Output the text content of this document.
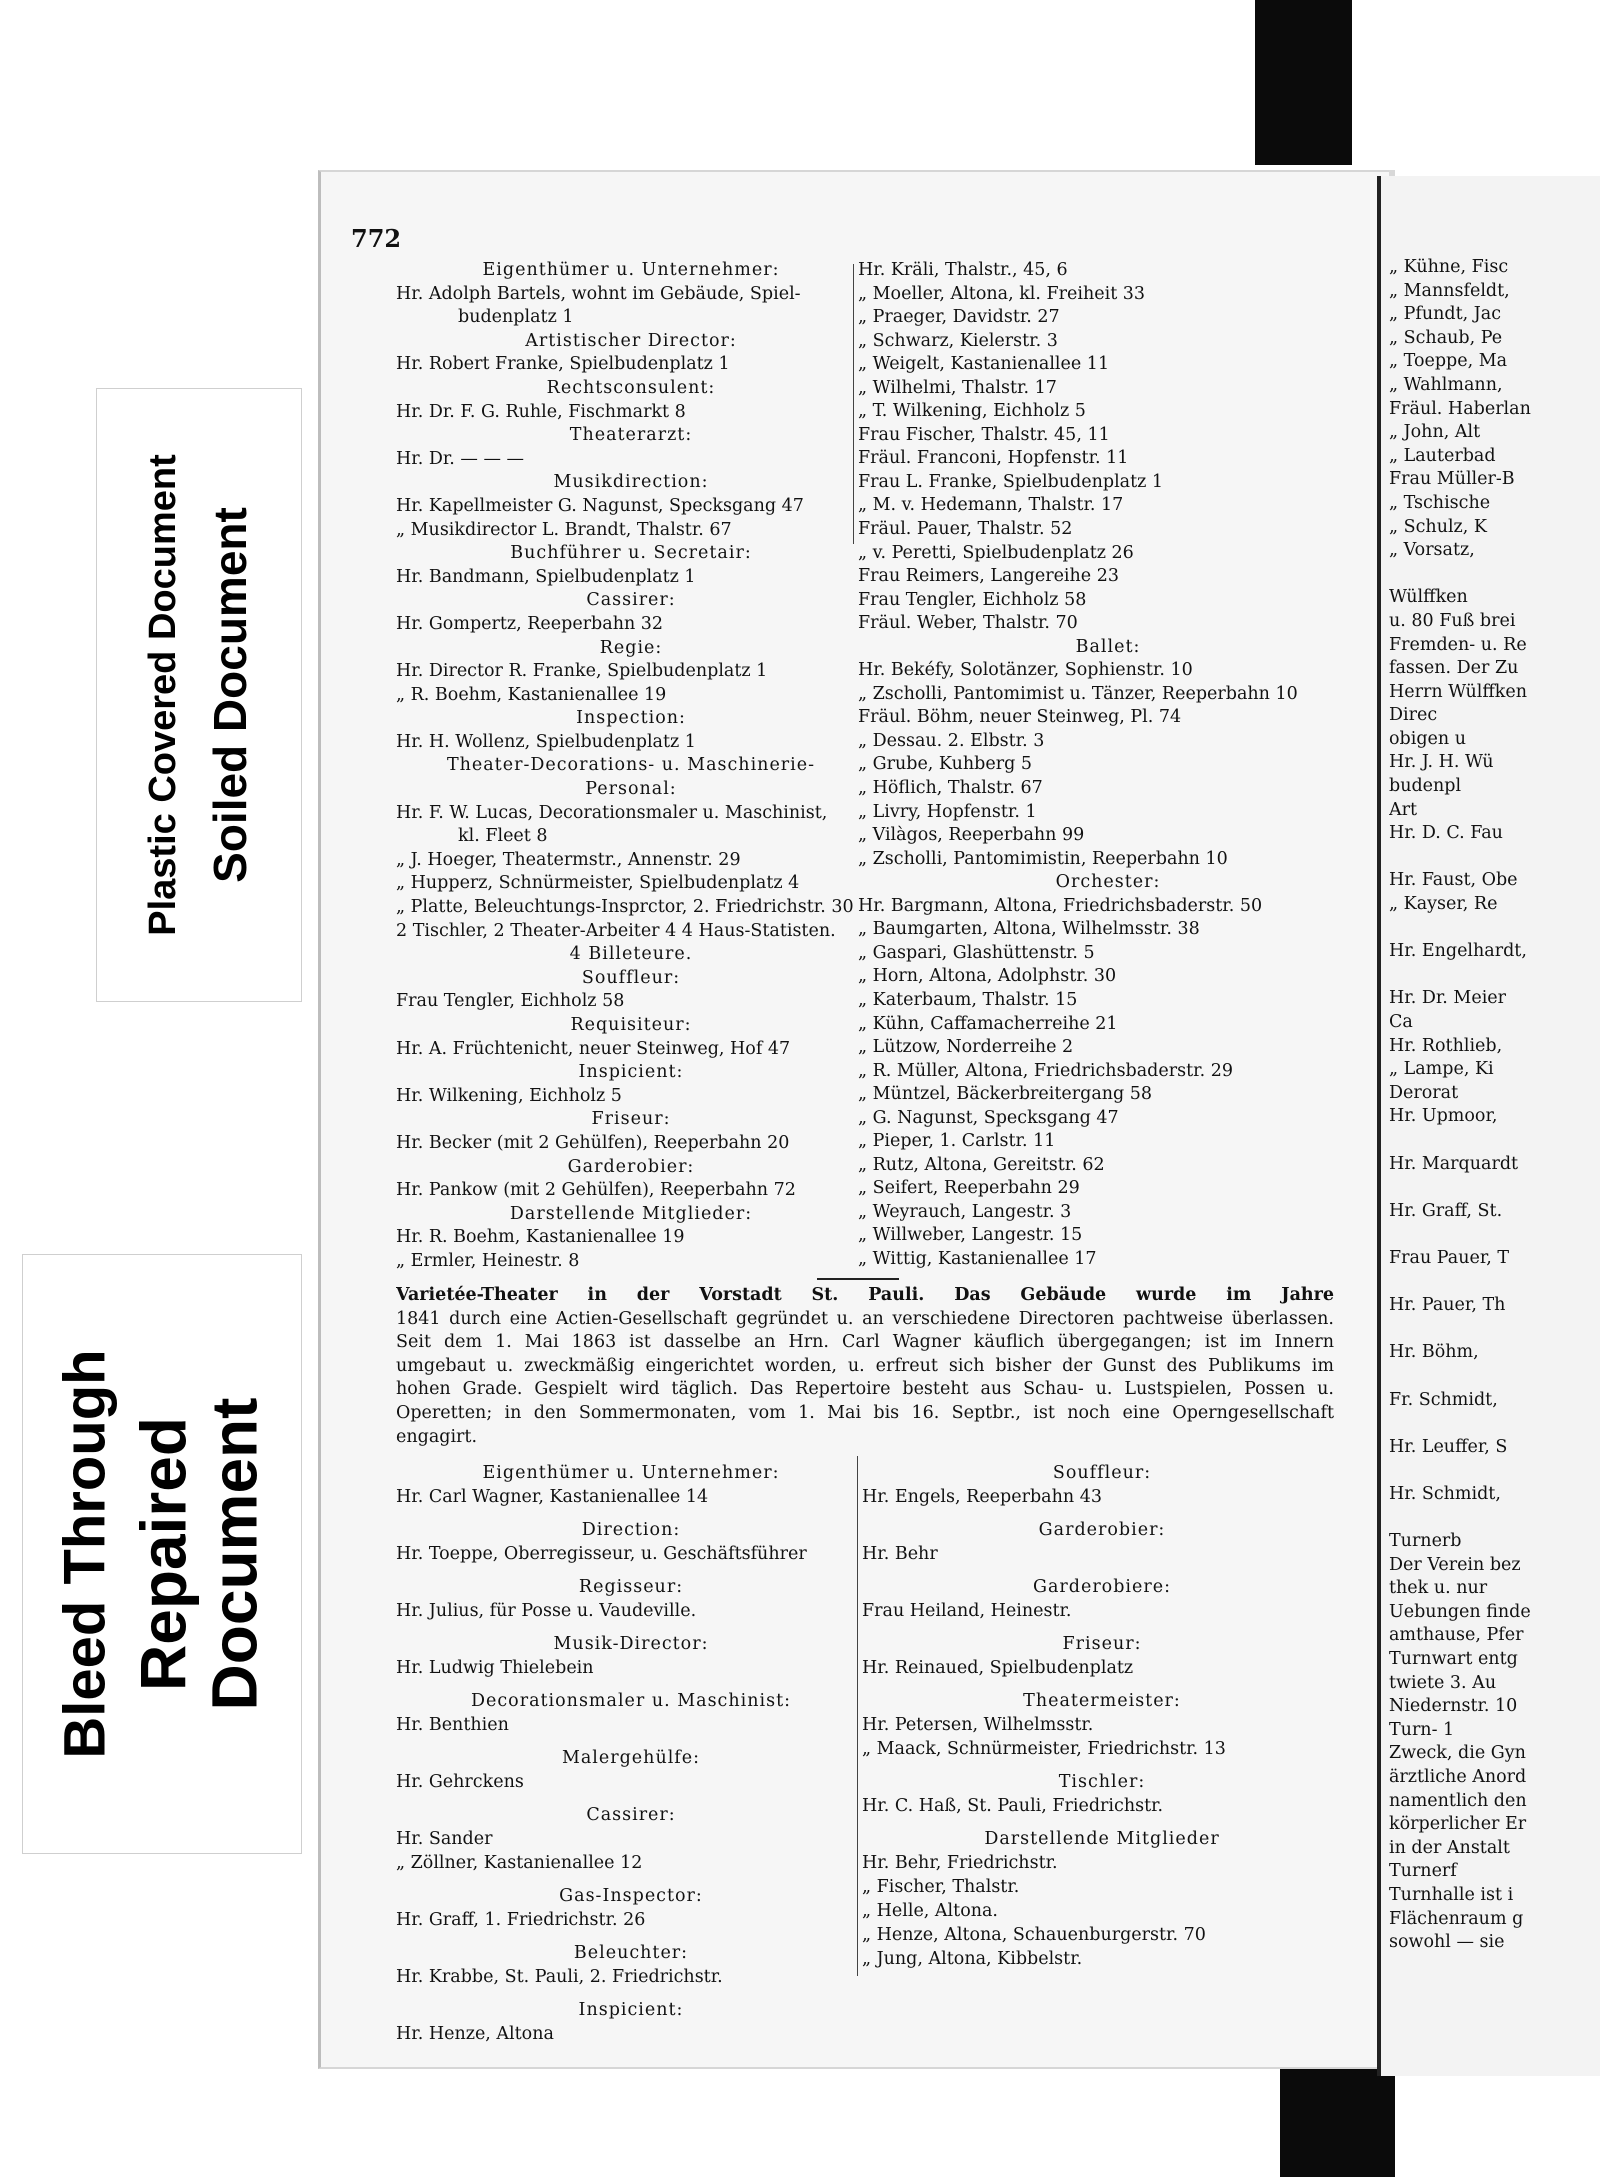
Plastic Covered Document Soiled Document
Bleed Through Repaired Document
772
Eigenthümer u. Unternehmer:
Hr. Adolph Bartels, wohnt im Gebäude, Spiel-
budenplatz 1
Artistischer Director:
Hr. Robert Franke, Spielbudenplatz 1
Rechtsconsulent:
Hr. Dr. F. G. Ruhle, Fischmarkt 8
Theaterarzt:
Hr. Dr. — — —
Musikdirection:
Hr. Kapellmeister G. Nagunst, Specksgang 47
„ Musikdirector L. Brandt, Thalstr. 67
Buchführer u. Secretair:
Hr. Bandmann, Spielbudenplatz 1
Cassirer:
Hr. Gompertz, Reeperbahn 32
Regie:
Hr. Director R. Franke, Spielbudenplatz 1
„ R. Boehm, Kastanienallee 19
Inspection:
Hr. H. Wollenz, Spielbudenplatz 1
Theater-Decorations- u. Maschinerie-
Personal:
Hr. F. W. Lucas, Decorationsmaler u. Maschinist,
kl. Fleet 8
„ J. Hoeger, Theatermstr., Annenstr. 29
„ Hupperz, Schnürmeister, Spielbudenplatz 4
„ Platte, Beleuchtungs-Insprctor, 2. Friedrichstr. 30
2 Tischler, 2 Theater-Arbeiter 4 4 Haus-Statisten.
4 Billeteure.
Souffleur:
Frau Tengler, Eichholz 58
Requisiteur:
Hr. A. Früchtenicht, neuer Steinweg, Hof 47
Inspicient:
Hr. Wilkening, Eichholz 5
Friseur:
Hr. Becker (mit 2 Gehülfen), Reeperbahn 20
Garderobier:
Hr. Pankow (mit 2 Gehülfen), Reeperbahn 72
Darstellende Mitglieder:
Hr. R. Boehm, Kastanienallee 19
„ Ermler, Heinestr. 8
Hr. Kräli, Thalstr., 45, 6
„ Moeller, Altona, kl. Freiheit 33
„ Praeger, Davidstr. 27
„ Schwarz, Kielerstr. 3
„ Weigelt, Kastanienallee 11
„ Wilhelmi, Thalstr. 17
„ T. Wilkening, Eichholz 5
Frau Fischer, Thalstr. 45, 11
Fräul. Franconi, Hopfenstr. 11
Frau L. Franke, Spielbudenplatz 1
„ M. v. Hedemann, Thalstr. 17
Fräul. Pauer, Thalstr. 52
„ v. Peretti, Spielbudenplatz 26
Frau Reimers, Langereihe 23
Frau Tengler, Eichholz 58
Fräul. Weber, Thalstr. 70
Ballet:
Hr. Bekéfy, Solotänzer, Sophienstr. 10
„ Zscholli, Pantomimist u. Tänzer, Reeperbahn 10
Fräul. Böhm, neuer Steinweg, Pl. 74
„ Dessau. 2. Elbstr. 3
„ Grube, Kuhberg 5
„ Höflich, Thalstr. 67
„ Livry, Hopfenstr. 1
„ Vilàgos, Reeperbahn 99
„ Zscholli, Pantomimistin, Reeperbahn 10
Orchester:
Hr. Bargmann, Altona, Friedrichsbaderstr. 50
„ Baumgarten, Altona, Wilhelmsstr. 38
„ Gaspari, Glashüttenstr. 5
„ Horn, Altona, Adolphstr. 30
„ Katerbaum, Thalstr. 15
„ Kühn, Caffamacherreihe 21
„ Lützow, Norderreihe 2
„ R. Müller, Altona, Friedrichsbaderstr. 29
„ Müntzel, Bäckerbreitergang 58
„ G. Nagunst, Specksgang 47
„ Pieper, 1. Carlstr. 11
„ Rutz, Altona, Gereitstr. 62
„ Seifert, Reeperbahn 29
„ Weyrauch, Langestr. 3
„ Willweber, Langestr. 15
„ Wittig, Kastanienallee 17
Varietée-Theater in der Vorstadt St. Pauli. Das Gebäude wurde im Jahre
1841 durch eine Actien-Gesellschaft gegründet u. an verschiedene Directoren pachtweise überlassen.
Seit dem 1. Mai 1863 ist dasselbe an Hrn. Carl Wagner käuflich übergegangen; ist im Innern
umgebaut u. zweckmäßig eingerichtet worden, u. erfreut sich bisher der Gunst des Publikums im
hohen Grade. Gespielt wird täglich. Das Repertoire besteht aus Schau- u. Lustspielen, Possen u.
Operetten; in den Sommermonaten, vom 1. Mai bis 16. Septbr., ist noch eine Operngesellschaft
engagirt.
Eigenthümer u. Unternehmer:
Hr. Carl Wagner, Kastanienallee 14
Direction:
Hr. Toeppe, Oberregisseur, u. Geschäftsführer
Regisseur:
Hr. Julius, für Posse u. Vaudeville.
Musik-Director:
Hr. Ludwig Thielebein
Decorationsmaler u. Maschinist:
Hr. Benthien
Malergehülfe:
Hr. Gehrckens
Cassirer:
Hr. Sander
„ Zöllner, Kastanienallee 12
Gas-Inspector:
Hr. Graff, 1. Friedrichstr. 26
Beleuchter:
Hr. Krabbe, St. Pauli, 2. Friedrichstr.
Inspicient:
Hr. Henze, Altona
Souffleur:
Hr. Engels, Reeperbahn 43
Garderobier:
Hr. Behr
Garderobiere:
Frau Heiland, Heinestr.
Friseur:
Hr. Reinaued, Spielbudenplatz
Theatermeister:
Hr. Petersen, Wilhelmsstr.
„ Maack, Schnürmeister, Friedrichstr. 13
Tischler:
Hr. C. Haß, St. Pauli, Friedrichstr.
Darstellende Mitglieder
Hr. Behr, Friedrichstr.
„ Fischer, Thalstr.
„ Helle, Altona.
„ Henze, Altona, Schauenburgerstr. 70
„ Jung, Altona, Kibbelstr.
„ Kühne, Fisc
„ Mannsfeldt,
„ Pfundt, Jac
„ Schaub, Pe
„ Toeppe, Ma
„ Wahlmann,
Fräul. Haberlan
„ John, Alt
„ Lauterbad
Frau Müller-B
„ Tschische
„ Schulz, K
„ Vorsatz,
Wülffken
u. 80 Fuß brei
Fremden- u. Re
fassen. Der Zu
Herrn Wülffken
Direc
obigen u
Hr. J. H. Wü
budenpl
Art
Hr. D. C. Fau
Hr. Faust, Obe
„ Kayser, Re
Hr. Engelhardt,
Hr. Dr. Meier
Ca
Hr. Rothlieb,
„ Lampe, Ki
Derorat
Hr. Upmoor,
Hr. Marquardt
Hr. Graff, St.
Frau Pauer, T
Hr. Pauer, Th
Hr. Böhm,
Fr. Schmidt,
Hr. Leuffer, S
Hr. Schmidt,
Turnerb
Der Verein bez
thek u. nur
Uebungen finde
amthause, Pfer
Turnwart entg
twiete 3. Au
Niedernstr. 10
Turn- 1
Zweck, die Gyn
ärztliche Anord
namentlich den
körperlicher Er
in der Anstalt
Turnerf
Turnhalle ist i
Flächenraum g
sowohl — sie
